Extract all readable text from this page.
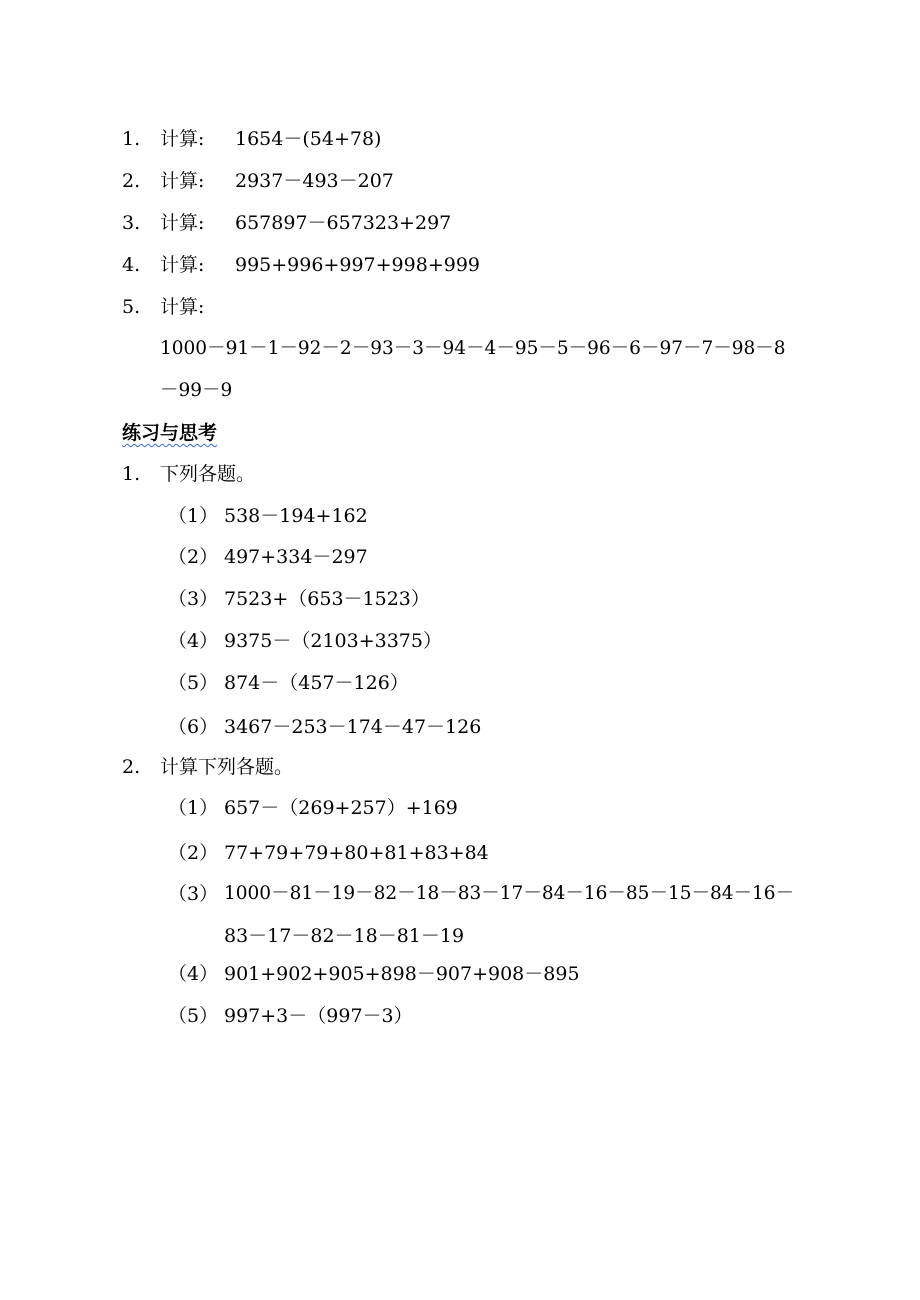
1. 计算: 1654－(54+78)
2. 计算: 2937－493－207
3. 计算: 657897－657323+297
4. 计算: 995+996+997+998+999
5. 计算:
1000－91－1－92－2－93－3－94－4－95－5－96－6－97－7－98－8
－99－9
练习与思考
1. 下列各题。
（1） 538－194+162
（2） 497+334－297
（3） 7523+（653－1523）
（4） 9375－（2103+3375）
（5） 874－（457－126）
（6） 3467－253－174－47－126
2. 计算下列各题。
（1） 657－（269+257）+169
（2） 77+79+79+80+81+83+84
（3） 1000－81－19－82－18－83－17－84－16－85－15－84－16－
83－17－82－18－81－19
（4） 901+902+905+898－907+908－895
（5） 997+3－（997－3）
